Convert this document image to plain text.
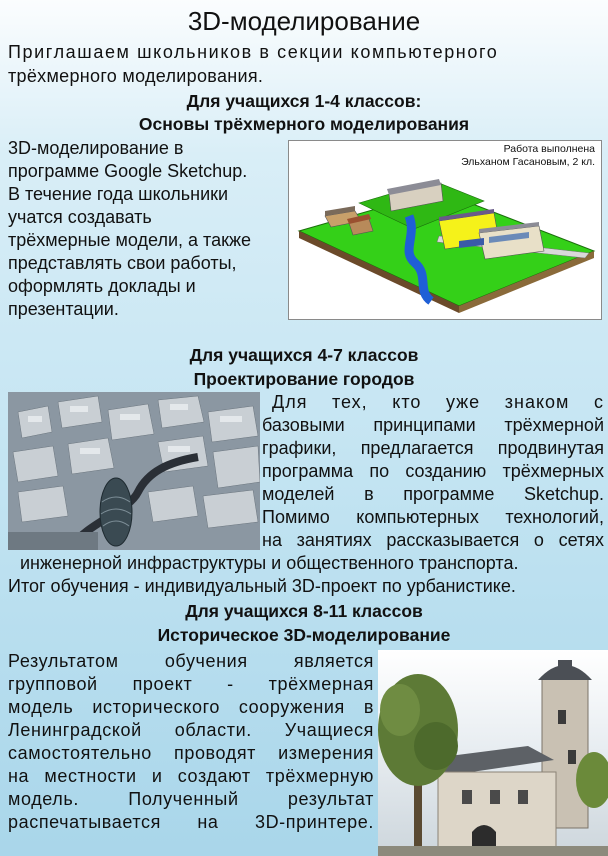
3D-моделирование
Приглашаем школьников в секции компьютерного
трёхмерного моделирования.
Для учащихся 1-4 классов:
Основы трёхмерного моделирования
3D-моделирование в
программе Google Sketchup.
В течение года школьники
учатся создавать
трёхмерные модели, а также
представлять свои работы,
оформлять доклады и
презентации.
Работа выполнена
Эльханом Гасановым, 2 кл.
Для учащихся 4-7 классов
Проектирование городов
Для тех, кто уже знаком с
базовыми принципами трёхмерной
графики, предлагается продвинутая
программа по созданию трёхмерных
моделей в программе Sketchup.
Помимо компьютерных технологий,
на занятиях рассказывается о сетях
инженерной инфраструктуры и общественного транспорта.
Итог обучения - индивидуальный 3D-проект по урбанистике.
Для учащихся 8-11 классов
Историческое 3D-моделирование
Результатом обучения является
групповой проект - трёхмерная
модель исторического сооружения в
Ленинградской области. Учащиеся
самостоятельно проводят измерения
на местности и создают трёхмерную
модель. Полученный результат
распечатывается на 3D-принтере.
